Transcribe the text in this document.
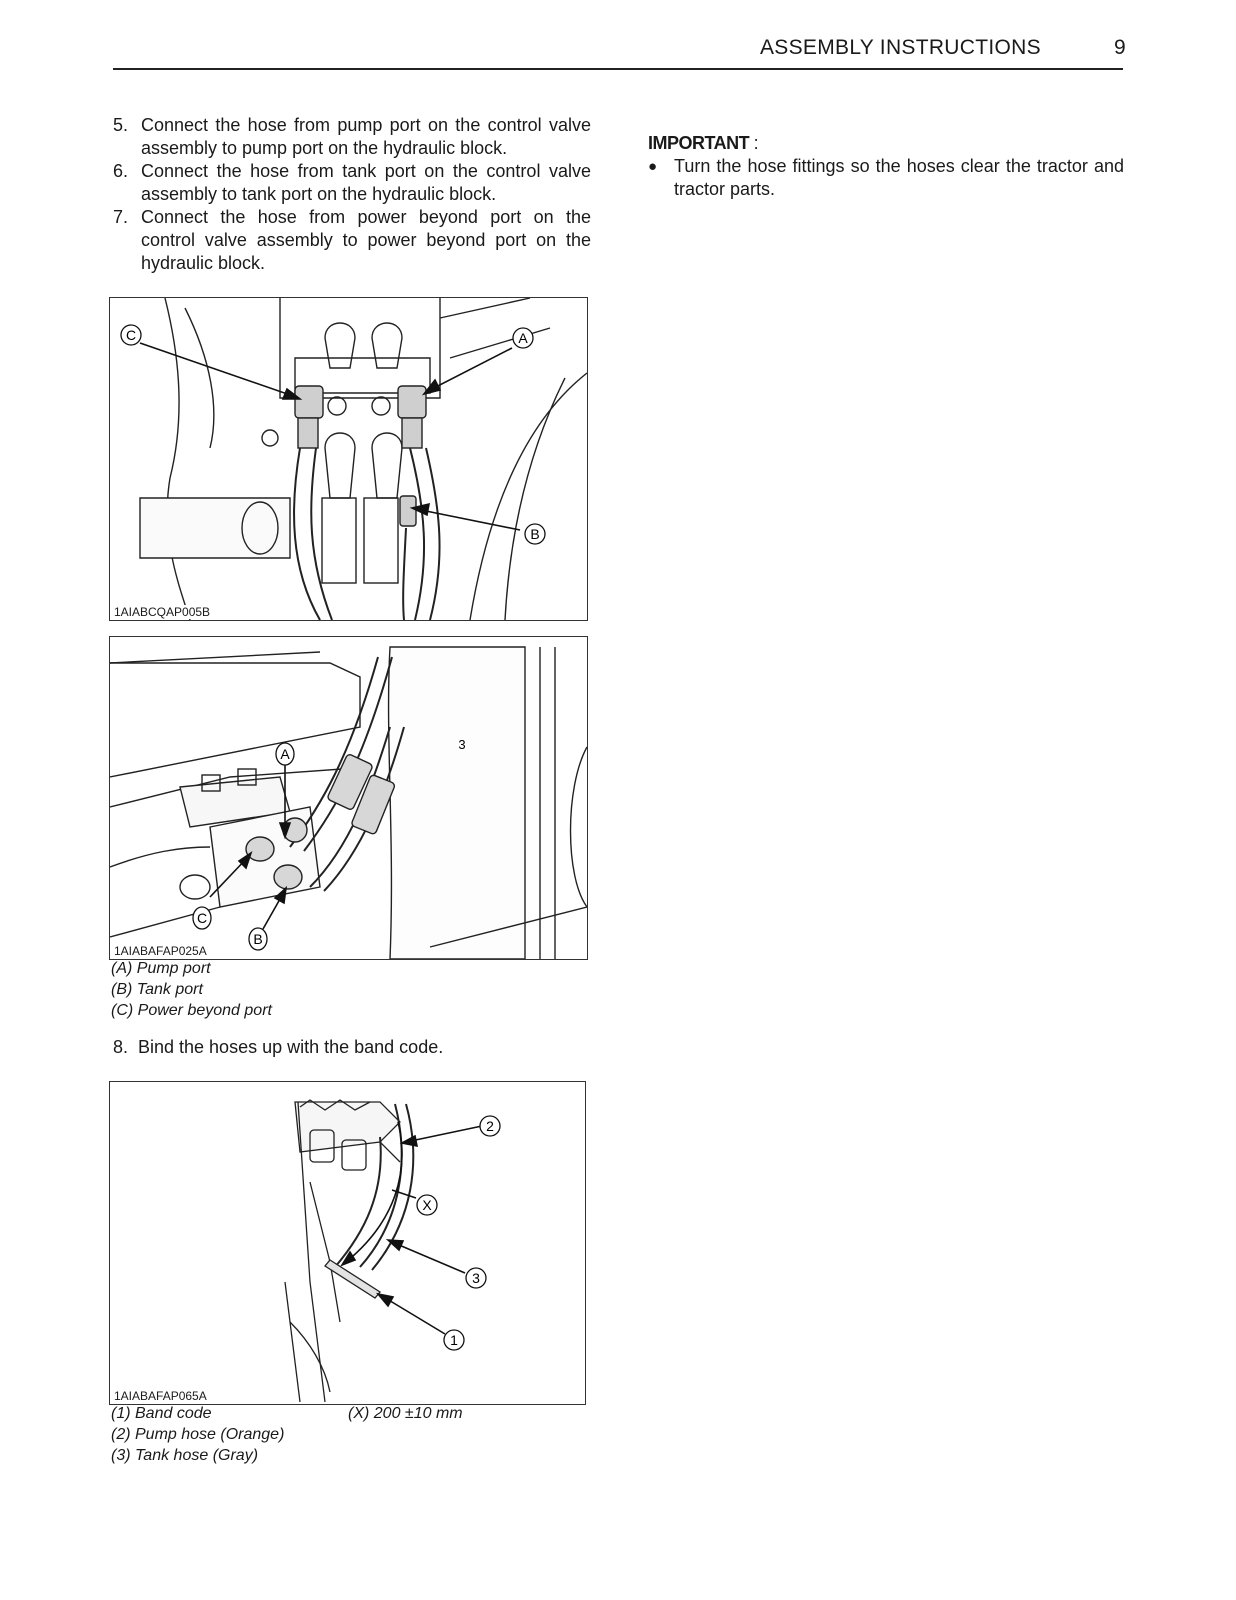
ASSEMBLY INSTRUCTIONS	9
5. Connect the hose from pump port on the control valve assembly to pump port on the hydraulic block.
6. Connect the hose from tank port on the control valve assembly to tank port on the hydraulic block.
7. Connect the hose from power beyond port on the control valve assembly to power beyond port on the hydraulic block.
IMPORTANT :
● Turn the hose fittings so the hoses clear the tractor and tractor parts.
C	A
B
1AIABCQAP005B
A
C
B
3
1AIABAFAP025A
(A) Pump port
(B) Tank port
(C) Power beyond port
8. Bind the hoses up with the band code.
2
X
3
1
1AIABAFAP065A
(1) Band code
(2) Pump hose (Orange)
(3) Tank hose (Gray)
(X) 200 ±10 mm
